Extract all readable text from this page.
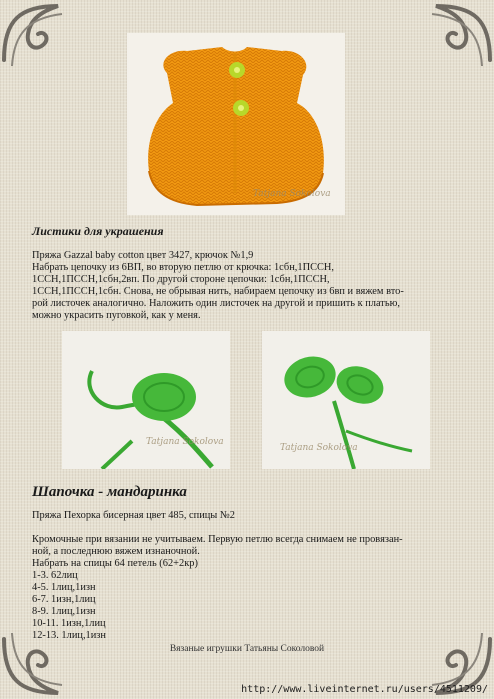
Tatjana Sokolova
Листики для украшения
Пряжа Gazzal baby cotton цвет 3427, крючок №1,9
Набрать цепочку из 6ВП, во вторую петлю от крючка: 1сбн,1ПССН,
1ССН,1ПССН,1сбн,2вп. По другой стороне цепочки: 1сбн,1ПССН,
1ССН,1ПССН,1сбн. Снова, не обрывая нить, набираем цепочку из 6вп и вяжем вто-
рой листочек аналогично. Наложить один листочек на другой и пришить к платью,
можно украсить пуговкой, как у меня.
Tatjana Sokolova
Tatjana Sokolova
Шапочка - мандаринка
Пряжа Пехорка бисерная цвет 485, спицы №2
Кромочные при вязании не учитываем. Первую петлю всегда снимаем не провязан-
ной, а последнюю вяжем изнаночной.
Набрать на спицы 64 петель (62+2кр)
1-3. 62лиц
4-5. 1лиц,1изн
6-7. 1изн,1лиц
8-9. 1лиц,1изн
10-11. 1изн,1лиц
12-13. 1лиц,1изн
Вязаные игрушки Татьяны Соколовой
http://www.liveinternet.ru/users/4511209/
